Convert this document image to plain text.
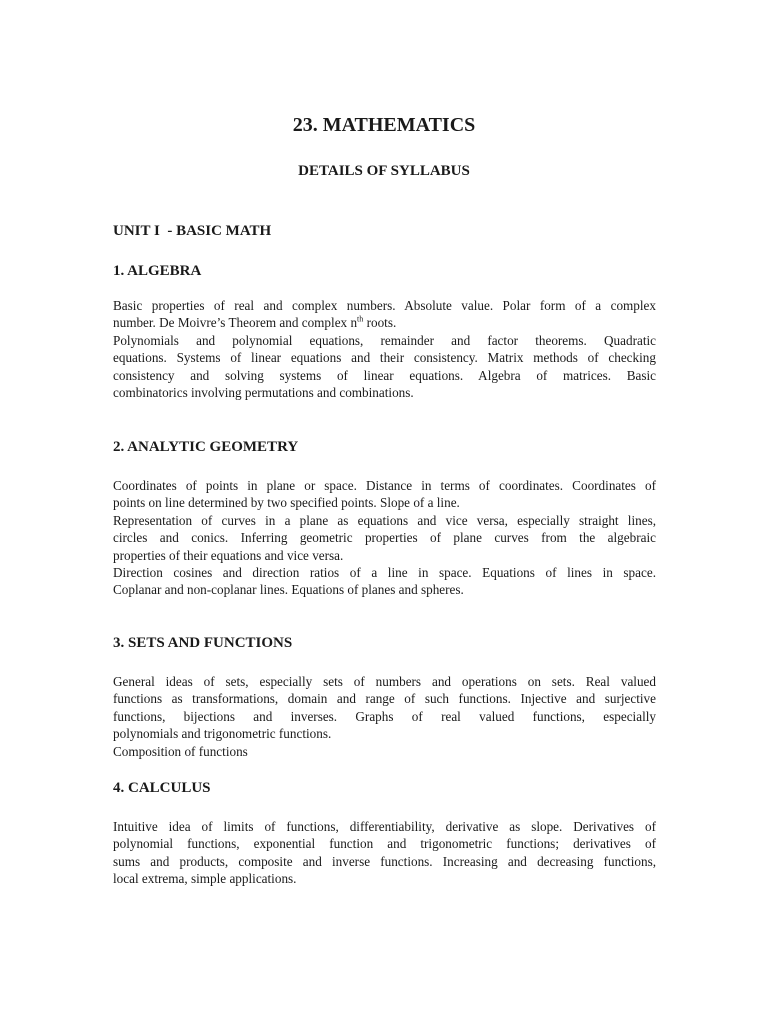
23. MATHEMATICS
DETAILS OF SYLLABUS
UNIT I  - BASIC MATH
1. ALGEBRA
Basic properties of real and complex numbers. Absolute value. Polar form of a complex
number. De Moivre’s Theorem and complex $n^{th}$ roots.
Polynomials and polynomial equations, remainder and factor theorems. Quadratic
equations. Systems of linear equations and their consistency. Matrix methods of checking
consistency and solving systems of linear equations. Algebra of matrices. Basic
combinatorics involving permutations and combinations.
2. ANALYTIC GEOMETRY
Coordinates of points in plane or space. Distance in terms of coordinates. Coordinates of
points on line determined by two specified points. Slope of a line.
Representation of curves in a plane as equations and vice versa, especially straight lines,
circles and conics. Inferring geometric properties of plane curves from the algebraic
properties of their equations and vice versa.
Direction cosines and direction ratios of a line in space. Equations of lines in space.
Coplanar and non-coplanar lines. Equations of planes and spheres.
3. SETS AND FUNCTIONS
General ideas of sets, especially sets of numbers and operations on sets. Real valued
functions as transformations, domain and range of such functions. Injective and surjective
functions, bijections and inverses. Graphs of real valued functions, especially
polynomials and trigonometric functions.
Composition of functions
4. CALCULUS
Intuitive idea of limits of functions, differentiability, derivative as slope. Derivatives of
polynomial functions, exponential function and trigonometric functions; derivatives of
sums and products, composite and inverse functions. Increasing and decreasing functions,
local extrema, simple applications.
